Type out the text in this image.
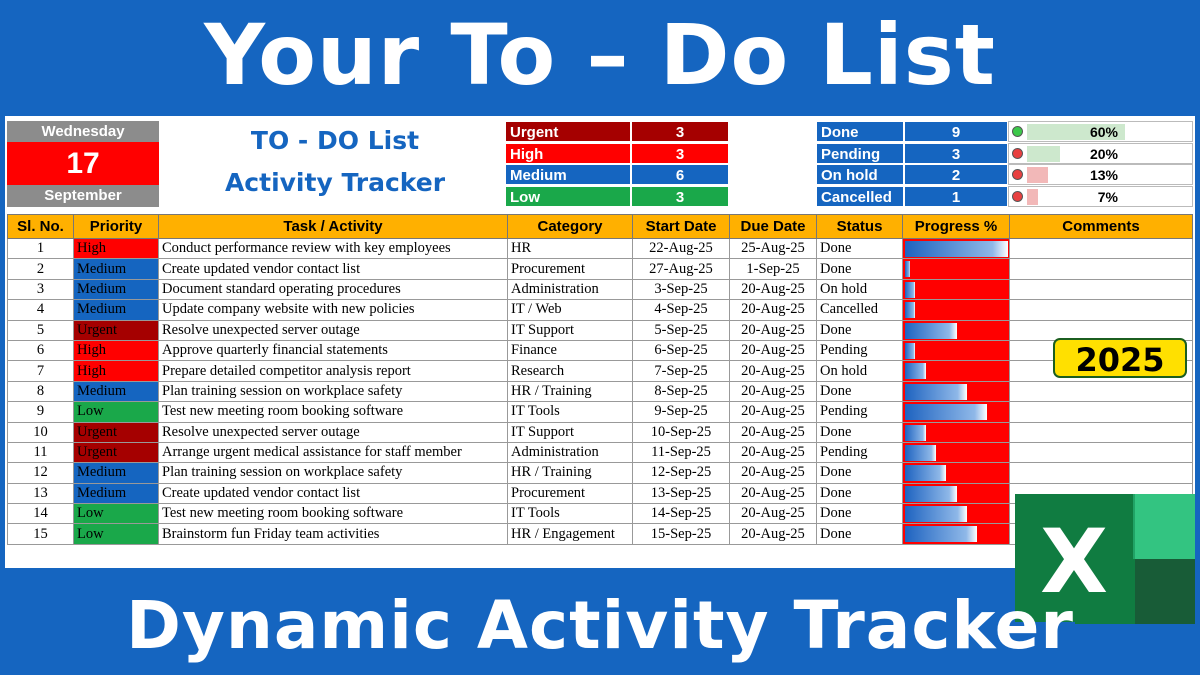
Your To – Do List
Wednesday
17
September
TO - DO List
Activity Tracker
Urgent	3
High	3
Medium	6
Low	3
Done	9	60%
Pending	3	20%
On hold	2	13%
Cancelled	1	7%
Sl. No.	Priority	Task / Activity	Category	Start Date	Due Date	Status	Progress %	Comments
1	High	Conduct performance review with key employees	HR	22-Aug-25	25-Aug-25	Done	

2	Medium	Create updated vendor contact list	Procurement	27-Aug-25	1-Sep-25	Done	

3	Medium	Document standard operating procedures	Administration	3-Sep-25	20-Aug-25	On hold	

4	Medium	Update company website with new policies	IT / Web	4-Sep-25	20-Aug-25	Cancelled	

5	Urgent	Resolve unexpected server outage	IT Support	5-Sep-25	20-Aug-25	Done	

6	High	Approve quarterly financial statements	Finance	6-Sep-25	20-Aug-25	Pending	

7	High	Prepare detailed competitor analysis report	Research	7-Sep-25	20-Aug-25	On hold	

8	Medium	Plan training session on workplace safety	HR / Training	8-Sep-25	20-Aug-25	Done	

9	Low	Test new meeting room booking software	IT Tools	9-Sep-25	20-Aug-25	Pending	

10	Urgent	Resolve unexpected server outage	IT Support	10-Sep-25	20-Aug-25	Done	

11	Urgent	Arrange urgent medical assistance for staff member	Administration	11-Sep-25	20-Aug-25	Pending	

12	Medium	Plan training session on workplace safety	HR / Training	12-Sep-25	20-Aug-25	Done	

13	Medium	Create updated vendor contact list	Procurement	13-Sep-25	20-Aug-25	Done	

14	Low	Test new meeting room booking software	IT Tools	14-Sep-25	20-Aug-25	Done	

15	Low	Brainstorm fun Friday team activities	HR / Engagement	15-Sep-25	20-Aug-25	Done	
	X
2025
Dynamic Activity Tracker
